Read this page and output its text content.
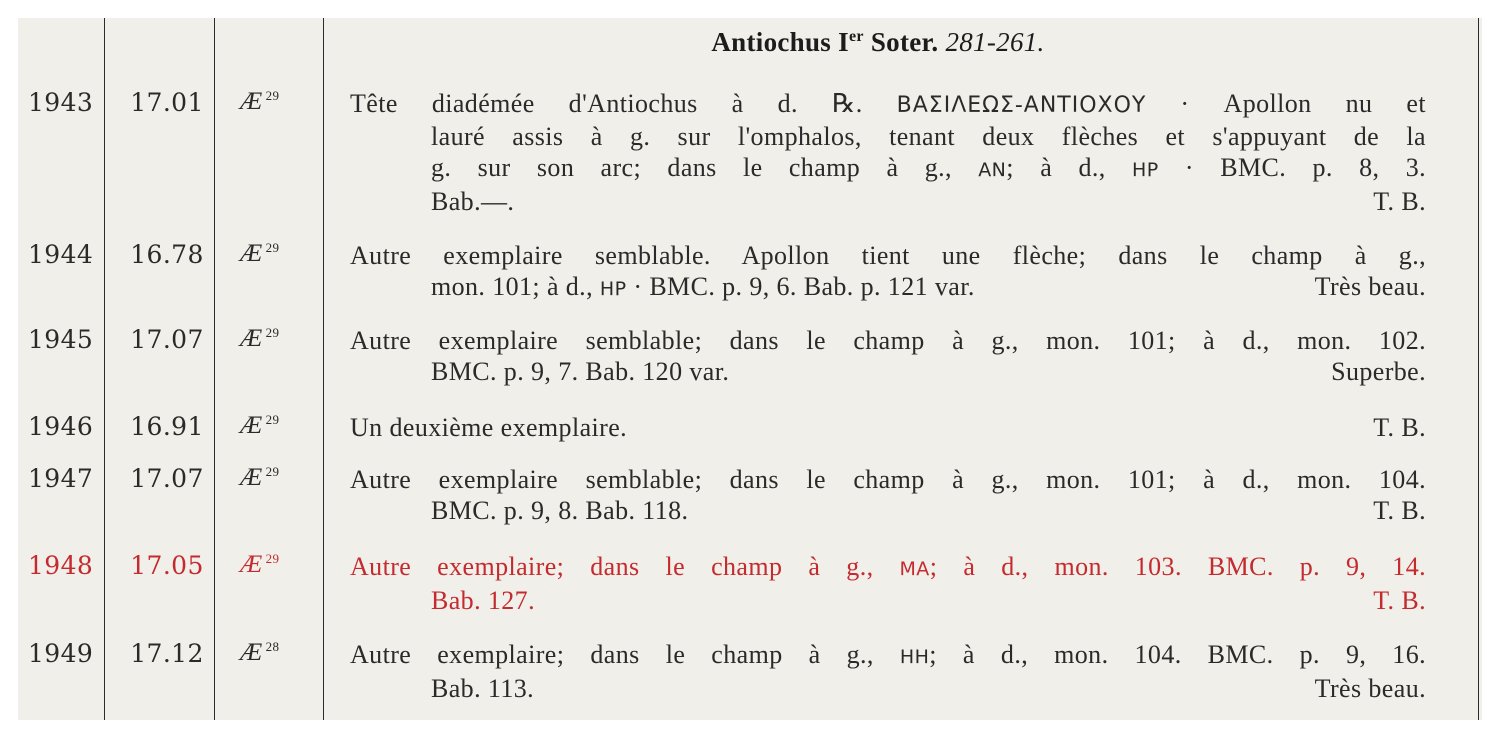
Antiochus Ier Soter. 281-261.
1943	17.01	Æ $^{29}$	Tête diadémée d'Antiochus à d. ℞. ΒΑΣΙΛΕΩΣ-ΑΝΤΙΟΧΟΥ · Apollon nu et
lauré assis à g. sur l'omphalos, tenant deux flèches et s'appuyant de la
g. sur son arc; dans le champ à g., ΑΝ; à d., ΗΡ · BMC. p. 8, 3.
Bab.—.	T. B.
1944	16.78	Æ $^{29}$	Autre exemplaire semblable. Apollon tient une flèche; dans le champ à g.,
mon. 101; à d., ΗΡ · BMC. p. 9, 6. Bab. p. 121 var.	Très beau.
1945	17.07	Æ $^{29}$	Autre exemplaire semblable; dans le champ à g., mon. 101; à d., mon. 102.
BMC. p. 9, 7. Bab. 120 var.	Superbe.
1946	16.91	Æ $^{29}$	Un deuxième exemplaire.	T. B.
1947	17.07	Æ $^{29}$	Autre exemplaire semblable; dans le champ à g., mon. 101; à d., mon. 104.
BMC. p. 9, 8. Bab. 118.	T. B.
1948	17.05	Æ $^{29}$	Autre exemplaire; dans le champ à g., ΜΑ; à d., mon. 103. BMC. p. 9, 14.
Bab. 127.	T. B.
1949	17.12	Æ $^{28}$	Autre exemplaire; dans le champ à g., ΗΗ; à d., mon. 104. BMC. p. 9, 16.
Bab. 113.	Très beau.
